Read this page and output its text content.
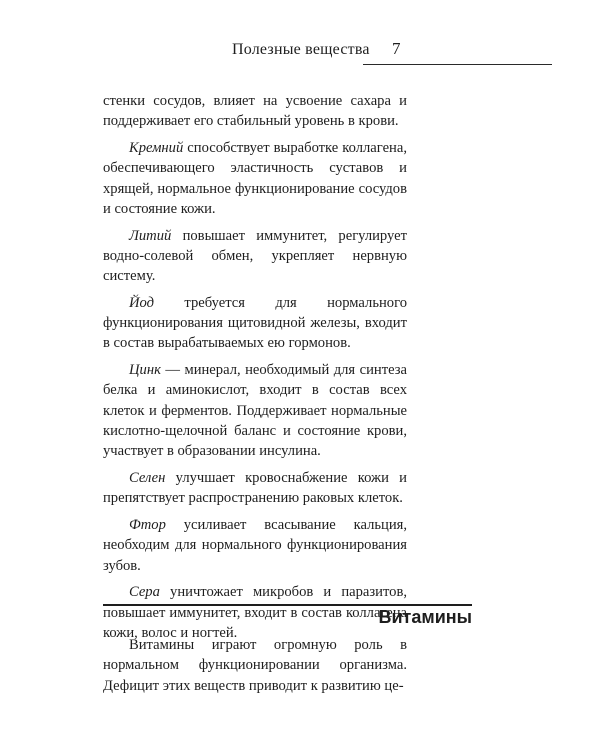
Полезные вещества 7

стенки сосудов, влияет на усвоение сахара и поддерживает его стабильный уровень в крови.

Кремний способствует выработке коллагена, обеспечивающего эластичность суставов и хрящей, нормальное функционирование сосудов и состояние кожи.

Литий повышает иммунитет, регулирует водно-солевой обмен, укрепляет нервную систему.

Йод требуется для нормального функционирования щитовидной железы, входит в состав вырабатываемых ею гормонов.

Цинк — минерал, необходимый для синтеза белка и аминокислот, входит в состав всех клеток и ферментов. Поддерживает нормальные кислотно-щелочной баланс и состояние крови, участвует в образовании инсулина.

Селен улучшает кровоснабжение кожи и препятствует распространению раковых клеток.

Фтор усиливает всасывание кальция, необходим для нормального функционирования зубов.

Сера уничтожает микробов и паразитов, повышает иммунитет, входит в состав коллагена кожи, волос и ногтей.

Витамины

Витамины играют огромную роль в нормальном функционировании организма. Дефицит этих веществ приводит к развитию це-
